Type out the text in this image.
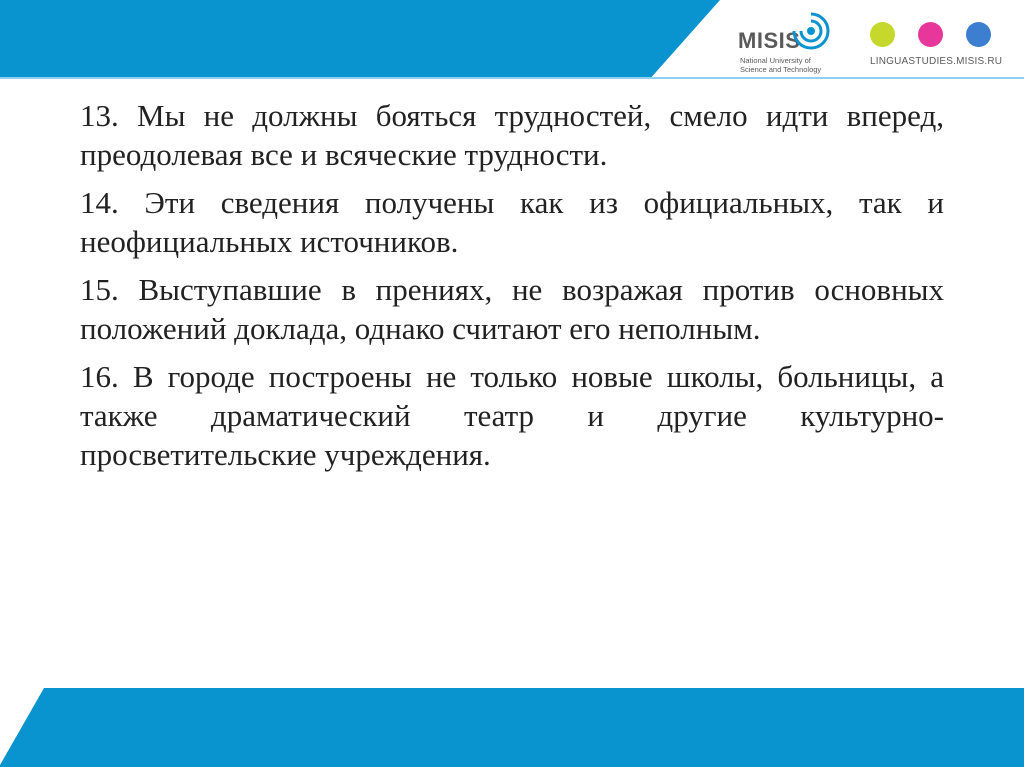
MISIS
National University of
Science and Technology
LINGUASTUDIES.MISIS.RU

13. Мы не должны бояться трудностей, смело идти вперед, преодолевая все и всяческие трудности.

14. Эти сведения получены как из официальных, так и неофициальных источников.

15. Выступавшие в прениях, не возражая против основных положений доклада, однако считают его неполным.

16. В городе построены не только новые школы, больницы, а также драматический театр и другие культурно-просветительские учреждения.
